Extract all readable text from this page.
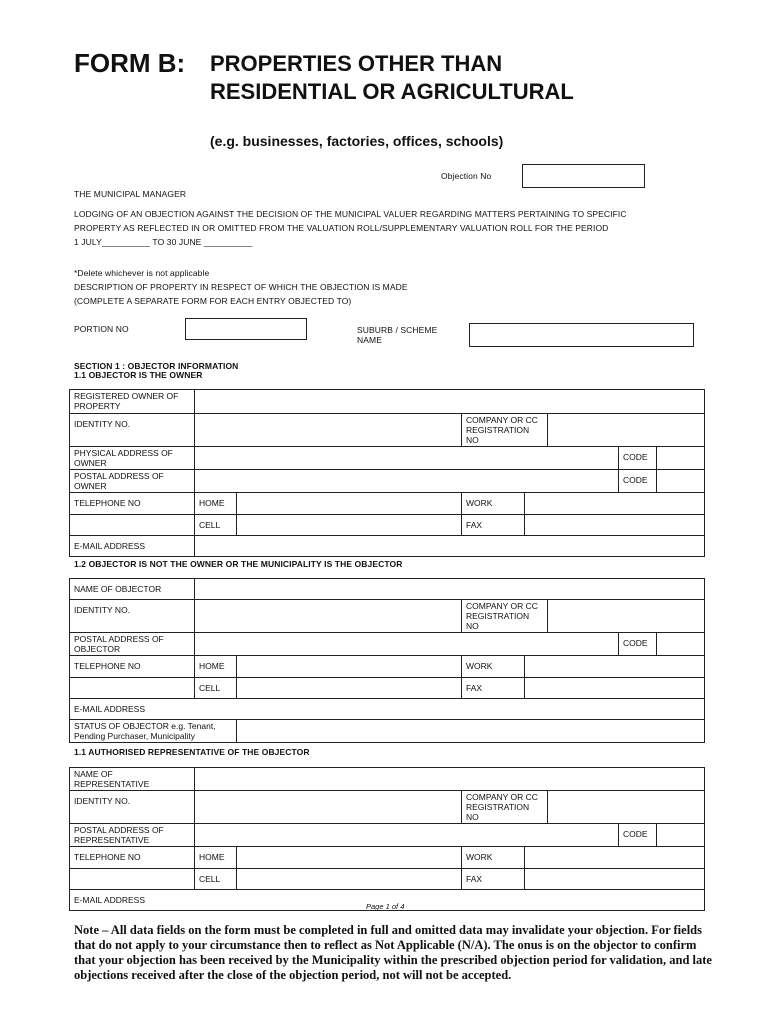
FORM B: PROPERTIES OTHER THAN RESIDENTIAL OR AGRICULTURAL
(e.g. businesses, factories, offices, schools)
Objection No
THE MUNICIPAL MANAGER
LODGING OF AN OBJECTION AGAINST THE DECISION OF THE MUNICIPAL VALUER REGARDING MATTERS PERTAINING TO SPECIFIC
PROPERTY AS REFLECTED IN OR OMITTED FROM THE VALUATION ROLL/SUPPLEMENTARY VALUATION ROLL FOR THE PERIOD
1 JULY__________ TO 30 JUNE __________
*Delete whichever is not applicable
DESCRIPTION OF PROPERTY IN RESPECT OF WHICH THE OBJECTION IS MADE
(COMPLETE A SEPARATE FORM FOR EACH ENTRY OBJECTED TO)
PORTION NO	SUBURB / SCHEME
NAME
SECTION 1 : OBJECTOR INFORMATION
1.1 OBJECTOR IS THE OWNER
REGISTERED OWNER OF PROPERTY							
IDENTITY NO.			COMPANY OR CC REGISTRATION NO				
PHYSICAL ADDRESS OF OWNER						CODE	
POSTAL ADDRESS OF OWNER						CODE	
TELEPHONE NO	HOME		WORK				
	CELL		FAX				
E-MAIL ADDRESS							
1.2 OBJECTOR IS NOT THE OWNER OR THE MUNICIPALITY IS THE OBJECTOR
NAME OF OBJECTOR							
IDENTITY NO.			COMPANY OR CC REGISTRATION NO				
POSTAL ADDRESS OF OBJECTOR						CODE	
TELEPHONE NO	HOME		WORK				
	CELL		FAX				
E-MAIL ADDRESS							
STATUS OF OBJECTOR e.g. Tenant, Pending Purchaser, Municipality							
1.1 AUTHORISED REPRESENTATIVE OF THE OBJECTOR
NAME OF REPRESENTATIVE							
IDENTITY NO.			COMPANY OR CC REGISTRATION NO				
POSTAL ADDRESS OF REPRESENTATIVE						CODE	
TELEPHONE NO	HOME		WORK				
	CELL		FAX				
E-MAIL ADDRESS							
Page 1 of 4
Note – All data fields on the form must be completed in full and omitted data may invalidate your objection. For fields that do not apply to your circumstance then to reflect as Not Applicable (N/A). The onus is on the objector to confirm that your objection has been received by the Municipality within the prescribed objection period for validation, and late objections received after the close of the objection period, not will not be accepted.
